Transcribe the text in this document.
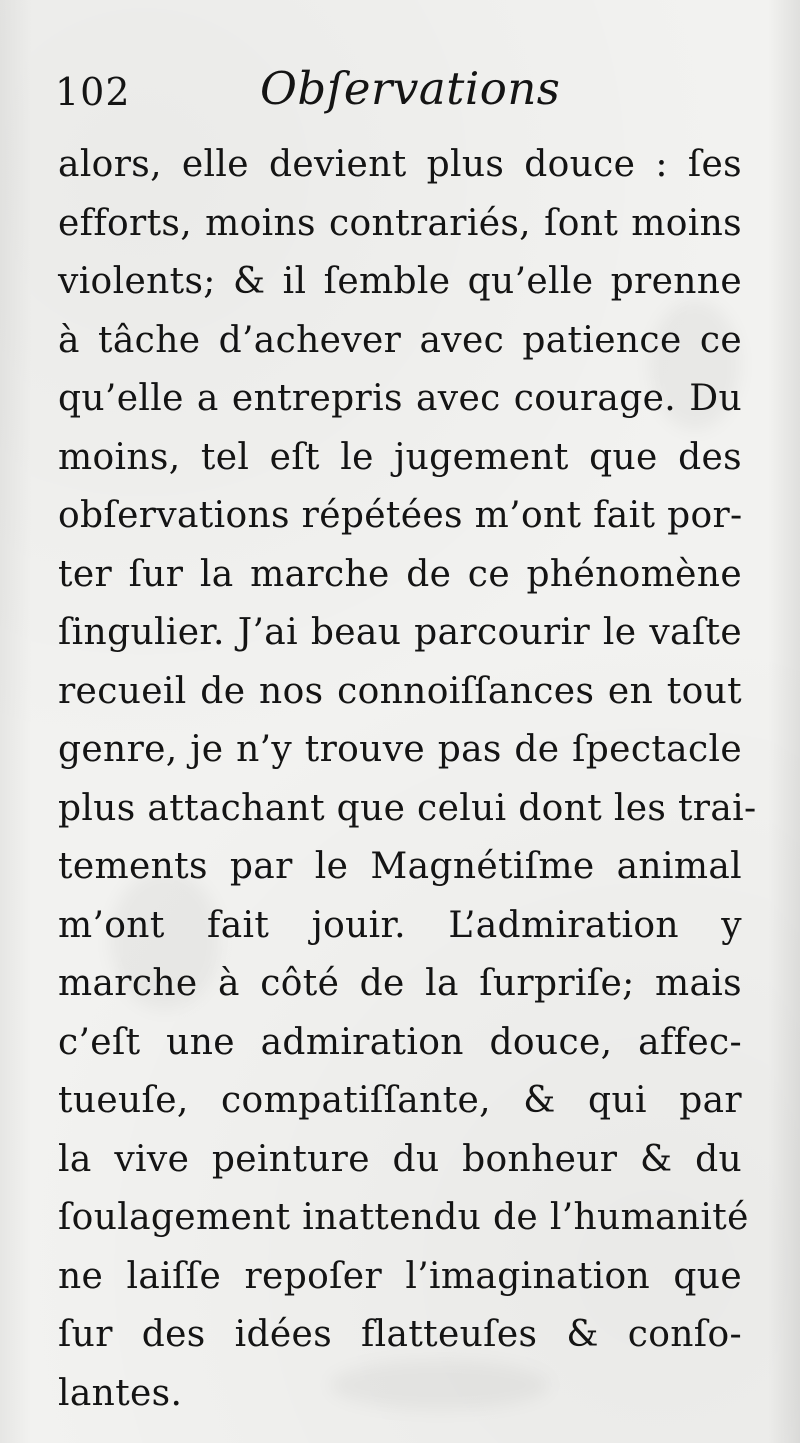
102	Obſervations
alors, elle devient plus douce : ſes
efforts, moins contrariés, ſont moins
violents; & il ſemble qu’elle prenne
à tâche d’achever avec patience ce
qu’elle a entrepris avec courage. Du
moins, tel eſt le jugement que des
obſervations répétées m’ont fait por-
ter ſur la marche de ce phénomène
ſingulier. J’ai beau parcourir le vaſte
recueil de nos connoiſſances en tout
genre, je n’y trouve pas de ſpectacle
plus attachant que celui dont les trai-
tements par le Magnétiſme animal
m’ont fait jouir. L’admiration y
marche à côté de la ſurpriſe; mais
c’eſt une admiration douce, affec-
tueuſe, compatiſſante, & qui par
la vive peinture du bonheur & du
ſoulagement inattendu de l’humanité
ne laiſſe repoſer l’imagination que
ſur des idées flatteuſes & conſo-
lantes.
